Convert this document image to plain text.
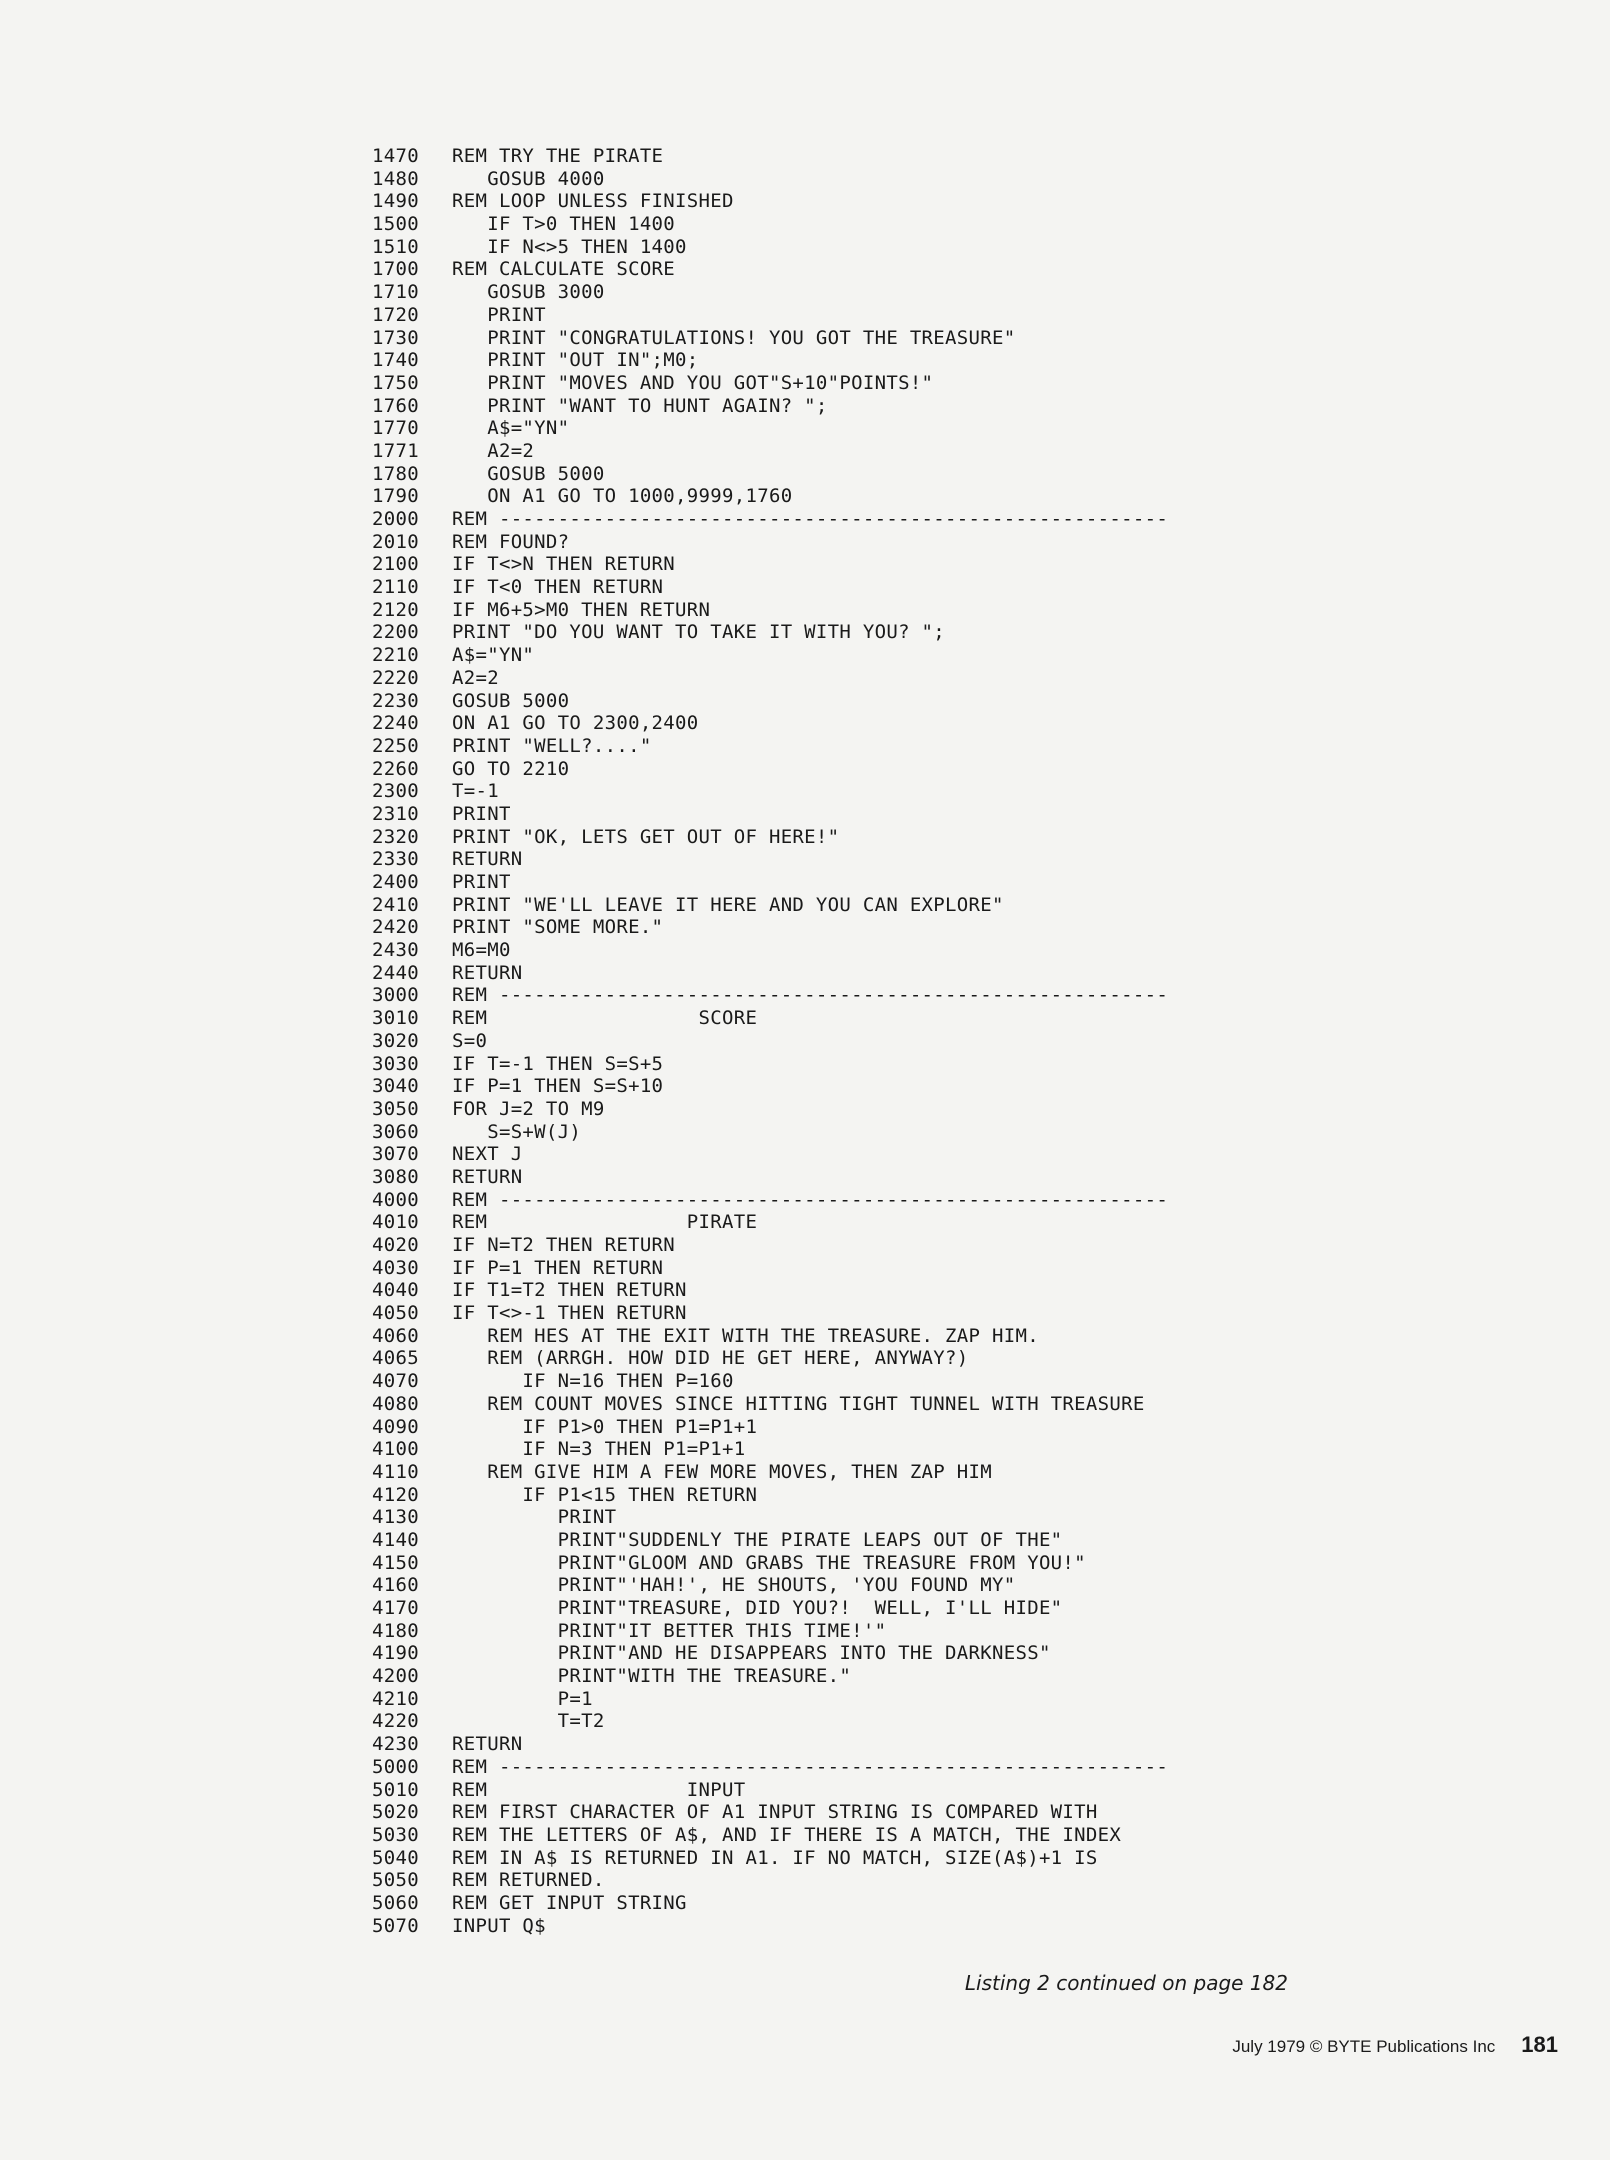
1470	REM TRY THE PIRATE
1480	GOSUB 4000
1490	REM LOOP UNLESS FINISHED
1500	IF T>0 THEN 1400
1510	IF N<>5 THEN 1400
1700	REM CALCULATE SCORE
1710	GOSUB 3000
1720	PRINT
1730	PRINT "CONGRATULATIONS! YOU GOT THE TREASURE"
1740	PRINT "OUT IN";M0;
1750	PRINT "MOVES AND YOU GOT"S+10"POINTS!"
1760	PRINT "WANT TO HUNT AGAIN? ";
1770	A$="YN"
1771	A2=2
1780	GOSUB 5000
1790	ON A1 GO TO 1000,9999,1760
2000	REM ---------------------------------------------------------
2010	REM FOUND?
2100	IF T<>N THEN RETURN
2110	IF T<0 THEN RETURN
2120	IF M6+5>M0 THEN RETURN
2200	PRINT "DO YOU WANT TO TAKE IT WITH YOU? ";
2210	A$="YN"
2220	A2=2
2230	GOSUB 5000
2240	ON A1 GO TO 2300,2400
2250	PRINT "WELL?...."
2260	GO TO 2210
2300	T=-1
2310	PRINT
2320	PRINT "OK, LETS GET OUT OF HERE!"
2330	RETURN
2400	PRINT
2410	PRINT "WE'LL LEAVE IT HERE AND YOU CAN EXPLORE"
2420	PRINT "SOME MORE."
2430	M6=M0
2440	RETURN
3000	REM ---------------------------------------------------------
3010	REM                  SCORE
3020	S=0
3030	IF T=-1 THEN S=S+5
3040	IF P=1 THEN S=S+10
3050	FOR J=2 TO M9
3060	S=S+W(J)
3070	NEXT J
3080	RETURN
4000	REM ---------------------------------------------------------
4010	REM                 PIRATE
4020	IF N=T2 THEN RETURN
4030	IF P=1 THEN RETURN
4040	IF T1=T2 THEN RETURN
4050	IF T<>-1 THEN RETURN
4060	REM HES AT THE EXIT WITH THE TREASURE. ZAP HIM.
4065	REM (ARRGH. HOW DID HE GET HERE, ANYWAY?)
4070	IF N=16 THEN P=160
4080	REM COUNT MOVES SINCE HITTING TIGHT TUNNEL WITH TREASURE
4090	IF P1>0 THEN P1=P1+1
4100	IF N=3 THEN P1=P1+1
4110	REM GIVE HIM A FEW MORE MOVES, THEN ZAP HIM
4120	IF P1<15 THEN RETURN
4130	PRINT
4140	PRINT"SUDDENLY THE PIRATE LEAPS OUT OF THE"
4150	PRINT"GLOOM AND GRABS THE TREASURE FROM YOU!"
4160	PRINT"'HAH!', HE SHOUTS, 'YOU FOUND MY"
4170	PRINT"TREASURE, DID YOU?!  WELL, I'LL HIDE"
4180	PRINT"IT BETTER THIS TIME!'"
4190	PRINT"AND HE DISAPPEARS INTO THE DARKNESS"
4200	PRINT"WITH THE TREASURE."
4210	P=1
4220	T=T2
4230	RETURN
5000	REM ---------------------------------------------------------
5010	REM                 INPUT
5020	REM FIRST CHARACTER OF A1 INPUT STRING IS COMPARED WITH
5030	REM THE LETTERS OF A$, AND IF THERE IS A MATCH, THE INDEX
5040	REM IN A$ IS RETURNED IN A1. IF NO MATCH, SIZE(A$)+1 IS
5050	REM RETURNED.
5060	REM GET INPUT STRING
5070	INPUT Q$
Listing 2 continued on page 182
July 1979 © BYTE Publications Inc 181
